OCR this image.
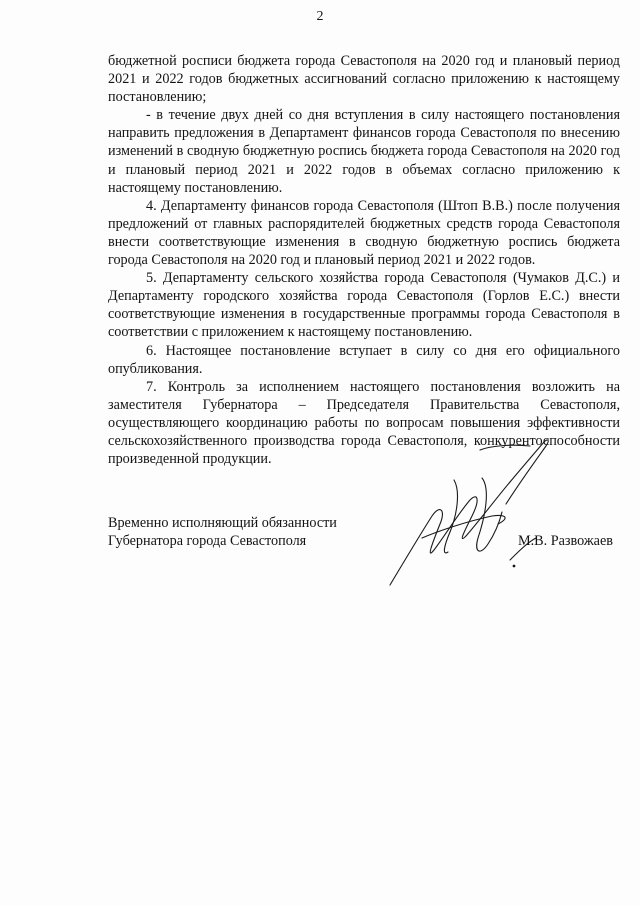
2

бюджетной росписи бюджета города Севастополя на 2020 год и плановый период 2021 и 2022 годов бюджетных ассигнований согласно приложению к настоящему постановлению;

- в течение двух дней со дня вступления в силу настоящего постановления направить предложения в Департамент финансов города Севастополя по внесению изменений в сводную бюджетную роспись бюджета города Севастополя на 2020 год и плановый период 2021 и 2022 годов в объемах согласно приложению к настоящему постановлению.

4. Департаменту финансов города Севастополя (Штоп В.В.) после получения предложений от главных распорядителей бюджетных средств города Севастополя внести соответствующие изменения в сводную бюджетную роспись бюджета города Севастополя на 2020 год и плановый период 2021 и 2022 годов.

5. Департаменту сельского хозяйства города Севастополя (Чумаков Д.С.) и Департаменту городского хозяйства города Севастополя (Горлов Е.С.) внести соответствующие изменения в государственные программы города Севастополя в соответствии с приложением к настоящему постановлению.

6. Настоящее постановление вступает в силу со дня его официального опубликования.

7. Контроль за исполнением настоящего постановления возложить на заместителя Губернатора – Председателя Правительства Севастополя, осуществляющего координацию работы по вопросам повышения эффективности сельскохозяйственного производства города Севастополя, конкурентоспособности произведенной продукции.

Временно исполняющий обязанности
Губернатора города Севастополя	М.В. Развожаев
